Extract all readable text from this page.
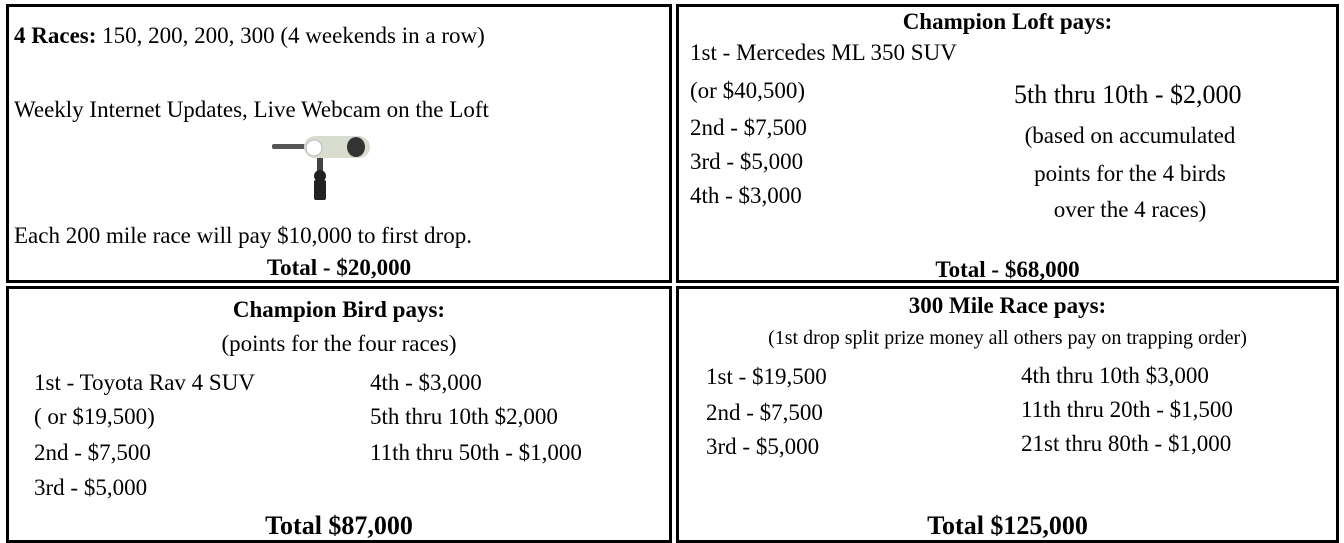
4 Races: 150, 200, 200, 300 (4 weekends in a row)
Weekly Internet Updates, Live Webcam on the Loft
Each 200 mile race will pay $10,000 to first drop.
Total - $20,000
Champion Loft pays:
1st - Mercedes ML 350 SUV
(or $40,500)
2nd - $7,500
3rd - $5,000
4th - $3,000
5th thru 10th - $2,000
(based on accumulated
points for the 4 birds
over the 4 races)
Total - $68,000
Champion Bird pays:
(points for the four races)
1st - Toyota Rav 4 SUV
( or $19,500)
2nd - $7,500
3rd - $5,000
4th - $3,000
5th thru 10th $2,000
11th thru 50th - $1,000
Total $87,000
300 Mile Race pays:
(1st drop split prize money all others pay on trapping order)
1st - $19,500
2nd - $7,500
3rd - $5,000
4th thru 10th $3,000
11th thru 20th - $1,500
21st thru 80th - $1,000
Total $125,000
